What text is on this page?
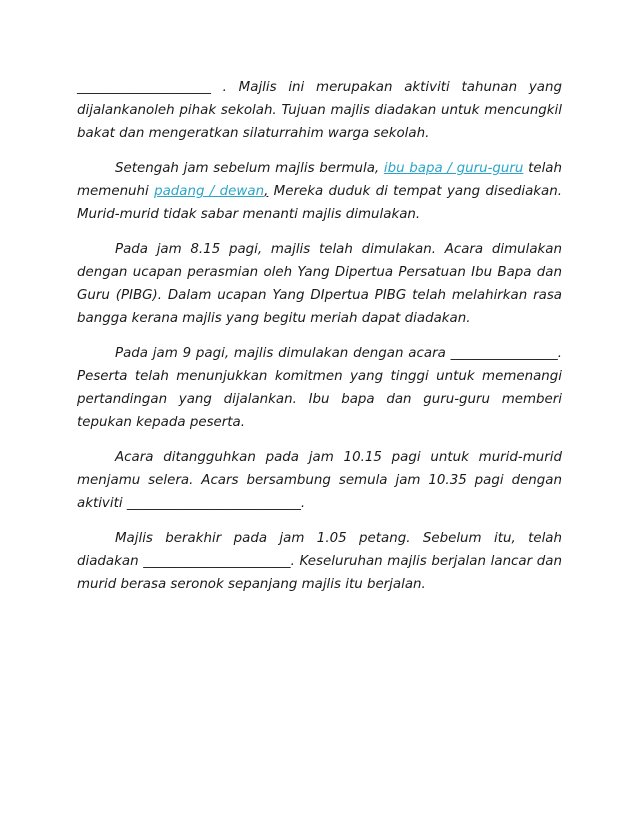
____________________ . Majlis ini merupakan aktiviti tahunan yang dijalankanoleh pihak sekolah. Tujuan majlis diadakan untuk mencungkil bakat dan mengeratkan silaturrahim warga sekolah.

Setengah jam sebelum majlis bermula, ibu bapa / guru-guru telah memenuhi padang / dewan, Mereka duduk di tempat yang disediakan. Murid-murid tidak sabar menanti majlis dimulakan.

Pada jam 8.15 pagi, majlis telah dimulakan. Acara dimulakan dengan ucapan perasmian oleh Yang Dipertua Persatuan Ibu Bapa dan Guru (PIBG). Dalam ucapan Yang DIpertua PIBG telah melahirkan rasa bangga kerana majlis yang begitu meriah dapat diadakan.

Pada jam 9 pagi, majlis dimulakan dengan acara ________________. Peserta telah menunjukkan komitmen yang tinggi untuk memenangi pertandingan yang dijalankan. Ibu bapa dan guru-guru memberi tepukan kepada peserta.

Acara ditangguhkan pada jam 10.15 pagi untuk murid-murid menjamu selera. Acars bersambung semula jam 10.35 pagi dengan aktiviti __________________________.

Majlis berakhir pada jam 1.05 petang. Sebelum itu, telah diadakan ______________________. Keseluruhan majlis berjalan lancar dan murid berasa seronok sepanjang majlis itu berjalan.
